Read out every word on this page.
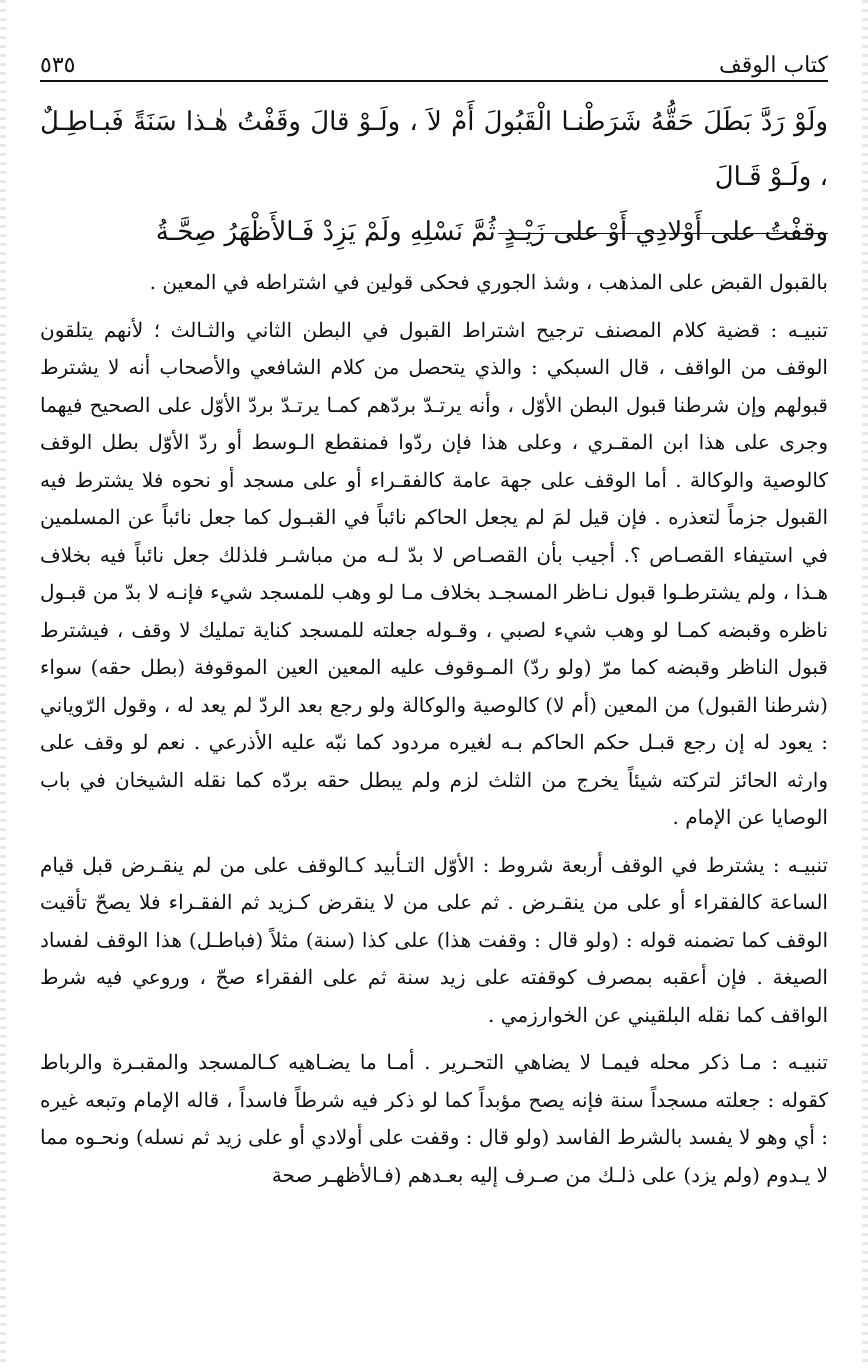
٥٣٥	كتاب الوقف

ولَوْ رَدَّ بَطَلَ حَقُّهُ شَرَطْنـا الْقَبُولَ أَمْ لاَ ، ولَـوْ قالَ وقَفْتُ هٰـذا سَنَةً فَبـاطِـلٌ ، ولَـوْ قَـالَ

وقفْتُ على أَوْلادِي أَوْ على زَيْـدٍ ثُمَّ نَسْلِهِ ولَمْ يَزِدْ فَـالأَظْهَرُ صِحَّـةُ

بالقبول القبض على المذهب ، وشذ الجوري فحكى قولين في اشتراطه في المعين .

تنبيـه : قضية كلام المصنف ترجيح اشتراط القبول في البطن الثاني والثـالث ؛ لأنهم يتلقون الوقف من الواقف ، قال السبكي : والذي يتحصل من كلام الشافعي والأصحاب أنه لا يشترط قبولهم وإن شرطنا قبول البطن الأوّل ، وأنه يرتـدّ بردّهم كمـا يرتـدّ بردّ الأوّل على الصحيح فيهما وجرى على هذا ابن المقـري ، وعلى هذا فإن ردّوا فمنقطع الـوسط أو ردّ الأوّل بطل الوقف كالوصية والوكالة . أما الوقف على جهة عامة كالفقـراء أو على مسجد أو نحوه فلا يشترط فيه القبول جزماً لتعذره . فإن قيل لمَ لم يجعل الحاكم نائباً في القبـول كما جعل نائباً عن المسلمين في استيفاء القصـاص ؟. أجيب بأن القصـاص لا بدّ لـه من مباشـر فلذلك جعل نائباً فيه بخلاف هـذا ، ولم يشترطـوا قبول نـاظر المسجـد بخلاف مـا لو وهب للمسجد شيء فإنـه لا بدّ من قبـول ناظره وقبضه كمـا لو وهب شيء لصبي ، وقـوله جعلته للمسجد كناية تمليك لا وقف ، فيشترط قبول الناظر وقبضه كما مرّ (ولو ردّ) المـوقوف عليه المعين العين الموقوفة (بطل حقه) سواء (شرطنا القبول) من المعين (أم لا) كالوصية والوكالة ولو رجع بعد الردّ لم يعد له ، وقول الرّوياني : يعود له إن رجع قبـل حكم الحاكم بـه لغيره مردود كما نبّه عليه الأذرعي . نعم لو وقف على وارثه الحائز لتركته شيئاً يخرج من الثلث لزم ولم يبطل حقه بردّه كما نقله الشيخان في باب الوصايا عن الإمام .

تنبيـه : يشترط في الوقف أربعة شروط : الأوّل التـأبيد كـالوقف على من لم ينقـرض قبل قيام الساعة كالفقراء أو على من ينقـرض . ثم على من لا ينقرض كـزيد ثم الفقـراء فلا يصحّ تأقيت الوقف كما تضمنه قوله : (ولو قال : وقفت هذا) على كذا (سنة) مثلاً (فباطـل) هذا الوقف لفساد الصيغة . فإن أعقبه بمصرف كوقفته على زيد سنة ثم على الفقراء صحّ ، وروعي فيه شرط الواقف كما نقله البلقيني عن الخوارزمي .

تنبيـه : مـا ذكر محله فيمـا لا يضاهي التحـرير . أمـا ما يضـاهيه كـالمسجد والمقبـرة والرباط كقوله : جعلته مسجداً سنة فإنه يصح مؤبداً كما لو ذكر فيه شرطاً فاسداً ، قاله الإمام وتبعه غيره : أي وهو لا يفسد بالشرط الفاسد (ولو قال : وقفت على أولادي أو على زيد ثم نسله) ونحـوه مما لا يـدوم (ولم يزد) على ذلـك من صـرف إليه بعـدهم (فـالأظهـر صحة
